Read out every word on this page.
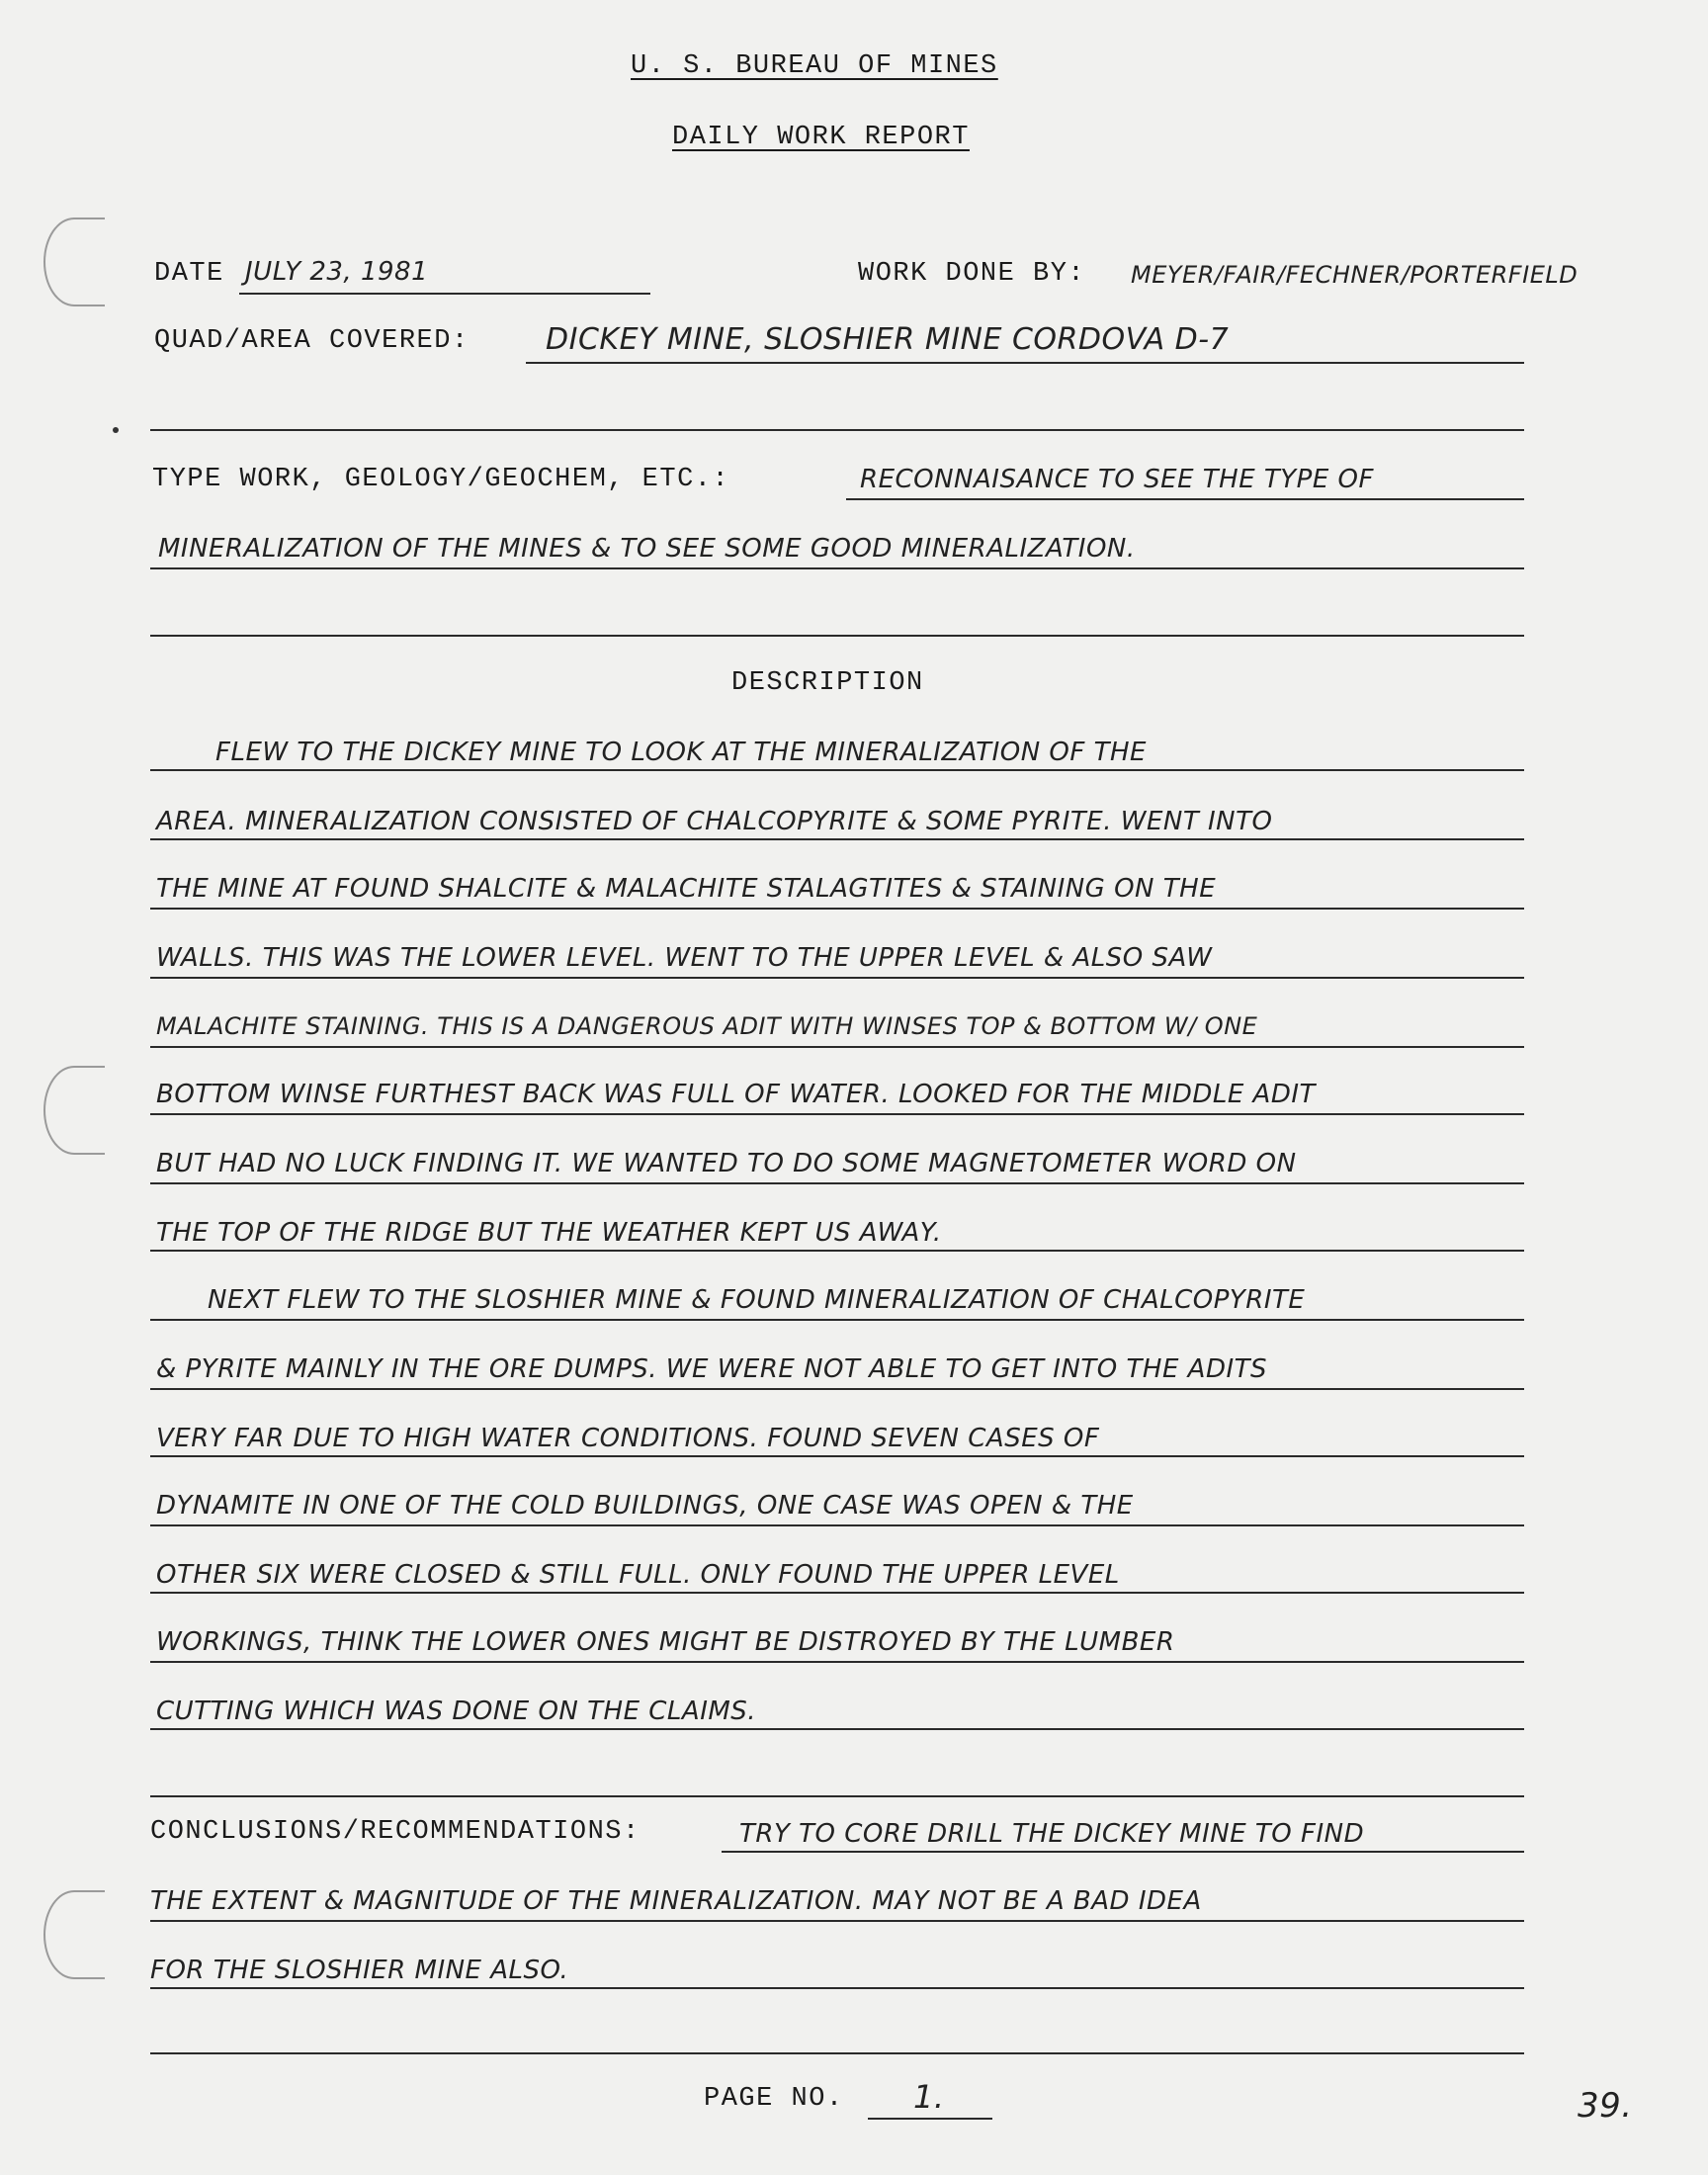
U. S. BUREAU OF MINES
DAILY WORK REPORT
DATE JULY 23, 1981	WORK DONE BY: MEYER/FAIR/FECHNER/PORTERFIELD
QUAD/AREA COVERED:	DICKEY MINE, SLOSHIER MINE CORDOVA D-7
TYPE WORK, GEOLOGY/GEOCHEM, ETC.:	RECONNAISANCE TO SEE THE TYPE OF
MINERALIZATION OF THE MINES & TO SEE SOME GOOD MINERALIZATION.
DESCRIPTION
FLEW TO THE DICKEY MINE TO LOOK AT THE MINERALIZATION OF THE
AREA. MINERALIZATION CONSISTED OF CHALCOPYRITE & SOME PYRITE. WENT INTO
THE MINE AT FOUND SHALCITE & MALACHITE STALAGTITES & STAINING ON THE
WALLS. THIS WAS THE LOWER LEVEL. WENT TO THE UPPER LEVEL & ALSO SAW
MALACHITE STAINING. THIS IS A DANGEROUS ADIT WITH WINSES TOP & BOTTOM W/ ONE
BOTTOM WINSE FURTHEST BACK WAS FULL OF WATER. LOOKED FOR THE MIDDLE ADIT
BUT HAD NO LUCK FINDING IT. WE WANTED TO DO SOME MAGNETOMETER WORD ON
THE TOP OF THE RIDGE BUT THE WEATHER KEPT US AWAY.
NEXT FLEW TO THE SLOSHIER MINE & FOUND MINERALIZATION OF CHALCOPYRITE
& PYRITE MAINLY IN THE ORE DUMPS. WE WERE NOT ABLE TO GET INTO THE ADITS
VERY FAR DUE TO HIGH WATER CONDITIONS. FOUND SEVEN CASES OF
DYNAMITE IN ONE OF THE COLD BUILDINGS, ONE CASE WAS OPEN & THE
OTHER SIX WERE CLOSED & STILL FULL. ONLY FOUND THE UPPER LEVEL
WORKINGS, THINK THE LOWER ONES MIGHT BE DISTROYED BY THE LUMBER
CUTTING WHICH WAS DONE ON THE CLAIMS.
CONCLUSIONS/RECOMMENDATIONS:	TRY TO CORE DRILL THE DICKEY MINE TO FIND
THE EXTENT & MAGNITUDE OF THE MINERALIZATION. MAY NOT BE A BAD IDEA
FOR THE SLOSHIER MINE ALSO.
PAGE NO. 1.	39.
